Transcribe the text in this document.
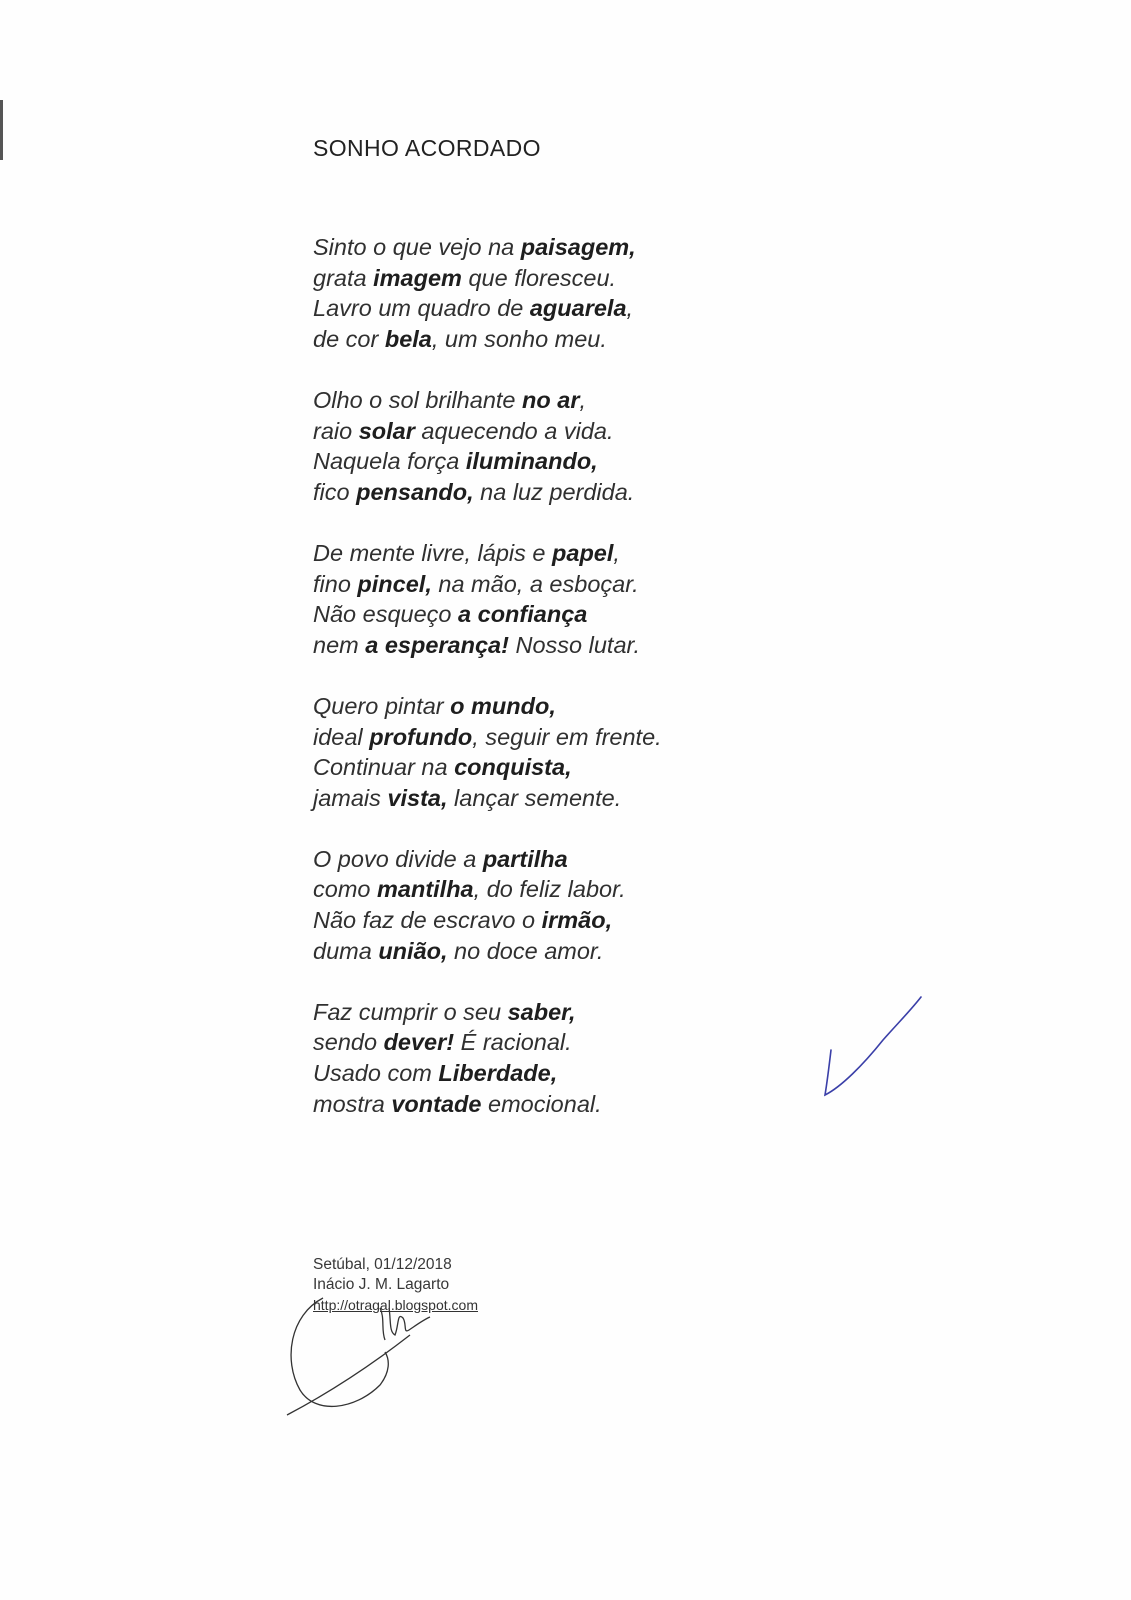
SONHO ACORDADO
Sinto o que vejo na paisagem,
grata imagem que floresceu.
Lavro um quadro de aguarela,
de cor bela, um sonho meu.
Olho o sol brilhante no ar,
raio solar aquecendo a vida.
Naquela força iluminando,
fico pensando, na luz perdida.
De mente livre, lápis e papel,
fino pincel, na mão, a esboçar.
Não esqueço a confiança
nem a esperança! Nosso lutar.
Quero pintar o mundo,
ideal profundo, seguir em frente.
Continuar na conquista,
jamais vista, lançar semente.
O povo divide a partilha
como mantilha, do feliz labor.
Não faz de escravo o irmão,
duma união, no doce amor.
Faz cumprir o seu saber,
sendo dever! É racional.
Usado com Liberdade,
mostra vontade emocional.
Setúbal, 01/12/2018
Inácio J. M. Lagarto
http://otragal.blogspot.com
